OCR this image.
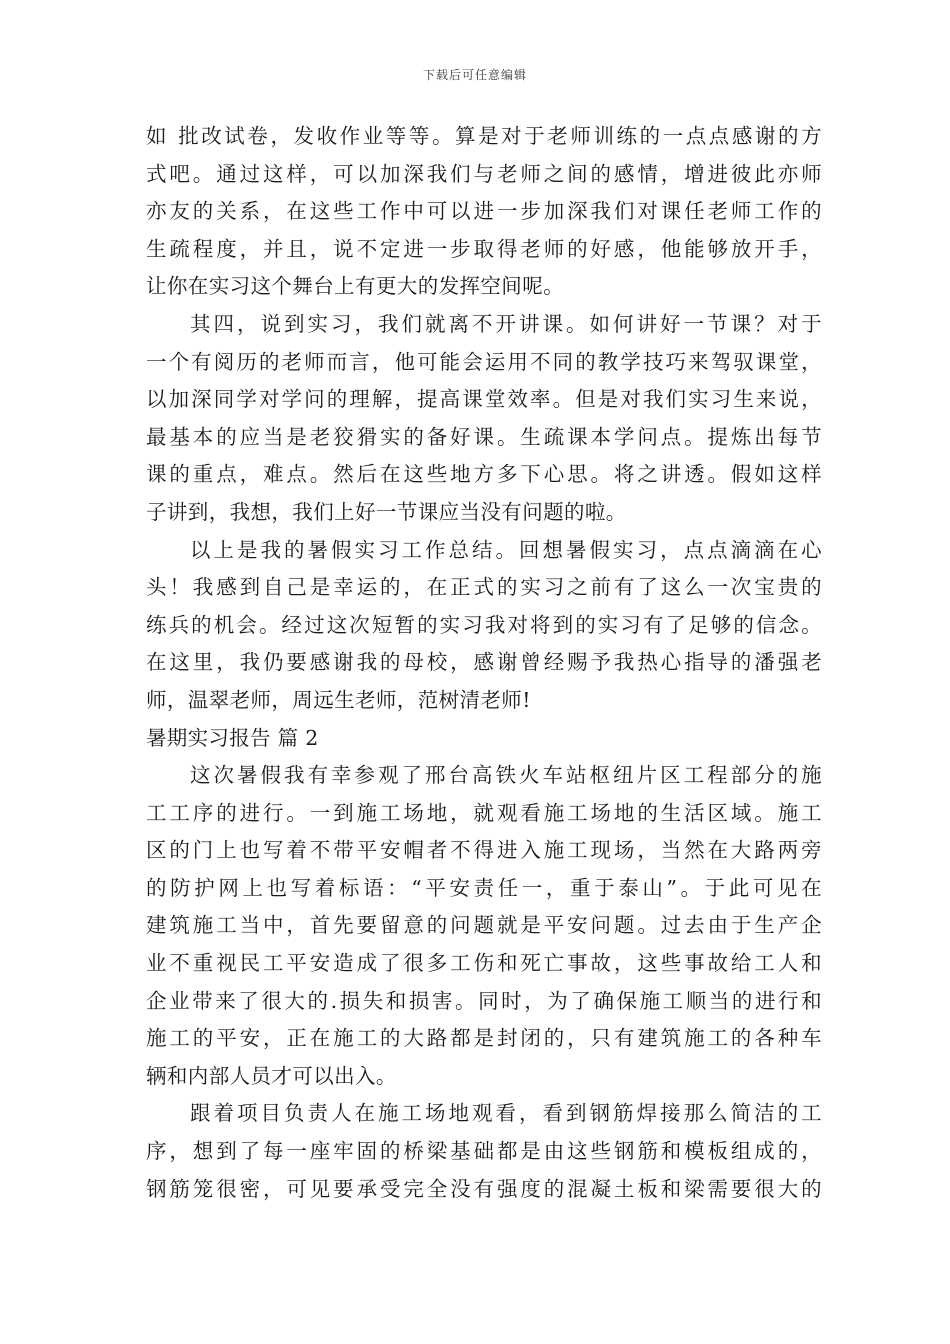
下载后可任意编辑
如 批改试卷，发收作业等等。算是对于老师训练的一点点感谢的方
式吧。通过这样，可以加深我们与老师之间的感情，增进彼此亦师
亦友的关系，在这些工作中可以进一步加深我们对课任老师工作的
生疏程度，并且，说不定进一步取得老师的好感，他能够放开手，
让你在实习这个舞台上有更大的发挥空间呢。
其四，说到实习，我们就离不开讲课。如何讲好一节课？对于
一个有阅历的老师而言，他可能会运用不同的教学技巧来驾驭课堂，
以加深同学对学问的理解，提高课堂效率。但是对我们实习生来说，
最基本的应当是老狡猾实的备好课。生疏课本学问点。提炼出每节
课的重点，难点。然后在这些地方多下心思。将之讲透。假如这样
子讲到，我想，我们上好一节课应当没有问题的啦。
以上是我的暑假实习工作总结。回想暑假实习，点点滴滴在心
头！我感到自己是幸运的，在正式的实习之前有了这么一次宝贵的
练兵的机会。经过这次短暂的实习我对将到的实习有了足够的信念。
在这里，我仍要感谢我的母校，感谢曾经赐予我热心指导的潘强老
师，温翠老师，周远生老师，范树清老师!
暑期实习报告 篇 2
这次暑假我有幸参观了邢台高铁火车站枢纽片区工程部分的施
工工序的进行。一到施工场地，就观看施工场地的生活区域。施工
区的门上也写着不带平安帽者不得进入施工现场，当然在大路两旁
的防护网上也写着标语：“平安责任一，重于泰山”。于此可见在
建筑施工当中，首先要留意的问题就是平安问题。过去由于生产企
业不重视民工平安造成了很多工伤和死亡事故，这些事故给工人和
企业带来了很大的.损失和损害。同时，为了确保施工顺当的进行和
施工的平安，正在施工的大路都是封闭的，只有建筑施工的各种车
辆和内部人员才可以出入。
跟着项目负责人在施工场地观看，看到钢筋焊接那么简洁的工
序，想到了每一座牢固的桥梁基础都是由这些钢筋和模板组成的，
钢筋笼很密，可见要承受完全没有强度的混凝土板和梁需要很大的
